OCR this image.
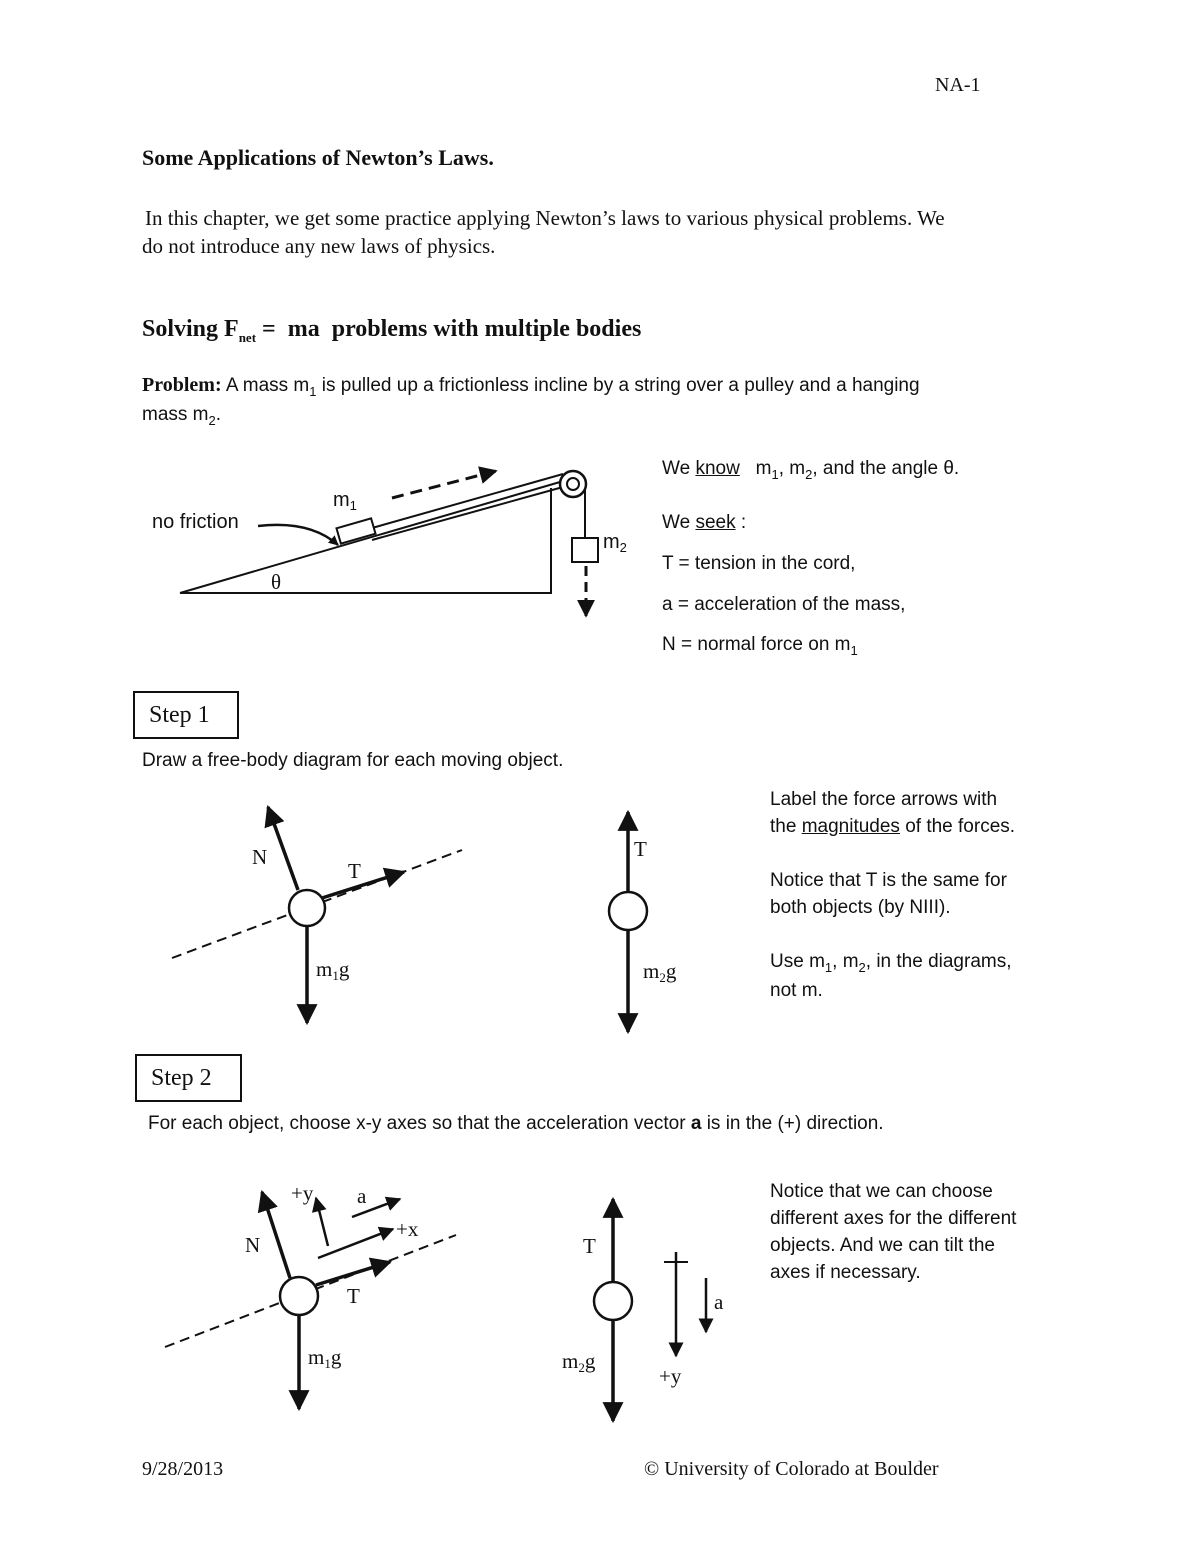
NA-1
Some Applications of Newton’s Laws.
In this chapter, we get some practice applying Newton’s laws to various physical problems. We
do not introduce any new laws of physics.
Solving $F_{net}$ =  ma  problems with multiple bodies
Problem: A mass $m_1$ is pulled up a frictionless incline by a string over a pulley and a hanging
mass $m_2$.
no friction
$m_1$
$m_2$
θ
We know   $m_1$, $m_2$, and the angle θ.
We seek :
T = tension in the cord,
a = acceleration of the mass,
N = normal force on $m_1$
Step 1
Draw a free-body diagram for each moving object.
N
T
m1g
T
m2g
Label the force arrows with
the magnitudes of the forces.
Notice that T is the same for
both objects (by NIII).
Use $m_1$, $m_2$, in the diagrams,
not m.
Step 2
For each object, choose x-y axes so that the acceleration vector a is in the (+) direction.
N
T
+y
+x
a
m1g
T
m2g
a
+y
Notice that we can choose
different axes for the different
objects. And we can tilt the
axes if necessary.
9/28/2013	© University of Colorado at Boulder
